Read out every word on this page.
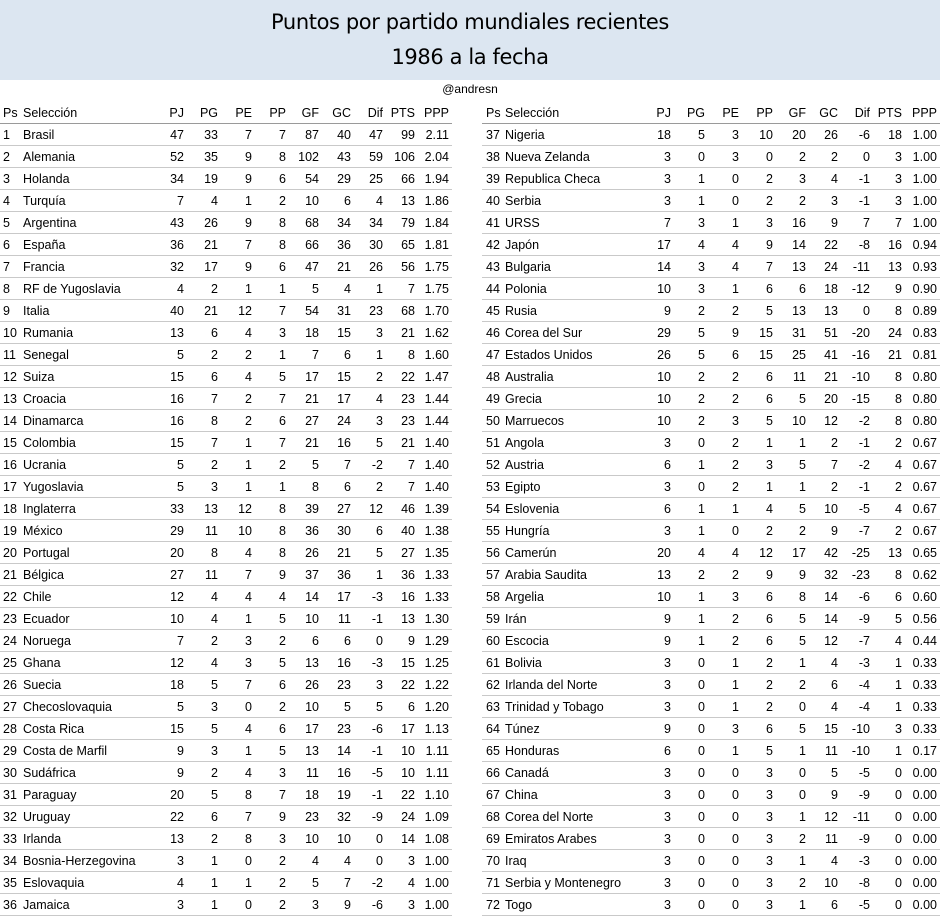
Puntos por partido mundiales recientes
1986 a la fecha
@andresn
Ps Selección	PJ	PG	PE	PP	GF	GC	Dif PTS PPP
1 Brasil	47	33	7	7	87	40	47	99 2.11
2 Alemania	52	35	9	8 102	43	59 106 2.04
3 Holanda	34	19	9	6	54	29	25	66 1.94
4 Turquía	7	4	1	2	10	6	4	13 1.86
5 Argentina	43	26	9	8	68	34	34	79 1.84
6 España	36	21	7	8	66	36	30	65 1.81
7 Francia	32	17	9	6	47	21	26	56 1.75
8 RF de Yugoslavia	4	2	1	1	5	4	1	7 1.75
9 Italia	40	21	12	7	54	31	23	68 1.70
10 Rumania	13	6	4	3	18	15	3	21 1.62
11 Senegal	5	2	2	1	7	6	1	8 1.60
12 Suiza	15	6	4	5	17	15	2	22 1.47
13 Croacia	16	7	2	7	21	17	4	23 1.44
14 Dinamarca	16	8	2	6	27	24	3	23 1.44
15 Colombia	15	7	1	7	21	16	5	21 1.40
16 Ucrania	5	2	1	2	5	7	-2	7 1.40
17 Yugoslavia	5	3	1	1	8	6	2	7 1.40
18 Inglaterra	33	13	12	8	39	27	12	46 1.39
19 México	29	11	10	8	36	30	6	40 1.38
20 Portugal	20	8	4	8	26	21	5	27 1.35
21 Bélgica	27	11	7	9	37	36	1	36 1.33
22 Chile	12	4	4	4	14	17	-3	16 1.33
23 Ecuador	10	4	1	5	10	11	-1	13 1.30
24 Noruega	7	2	3	2	6	6	0	9 1.29
25 Ghana	12	4	3	5	13	16	-3	15 1.25
26 Suecia	18	5	7	6	26	23	3	22 1.22
27 Checoslovaquia	5	3	0	2	10	5	5	6 1.20
28 Costa Rica	15	5	4	6	17	23	-6	17 1.13
29 Costa de Marfil	9	3	1	5	13	14	-1	10 1.11
30 Sudáfrica	9	2	4	3	11	16	-5	10 1.11
31 Paraguay	20	5	8	7	18	19	-1	22 1.10
32 Uruguay	22	6	7	9	23	32	-9	24 1.09
33 Irlanda	13	2	8	3	10	10	0	14 1.08
34 Bosnia-Herzegovina	3	1	0	2	4	4	0	3 1.00
35 Eslovaquia	4	1	1	2	5	7	-2	4 1.00
36 Jamaica	3	1	0	2	3	9	-6	3 1.00
Ps Selección	PJ	PG	PE	PP	GF	GC	Dif PTS PPP
37 Nigeria	18	5	3	10	20	26	-6	18 1.00
38 Nueva Zelanda	3	0	3	0	2	2	0	3 1.00
39 Republica Checa	3	1	0	2	3	4	-1	3 1.00
40 Serbia	3	1	0	2	2	3	-1	3 1.00
41 URSS	7	3	1	3	16	9	7	7 1.00
42 Japón	17	4	4	9	14	22	-8	16 0.94
43 Bulgaria	14	3	4	7	13	24	-11	13 0.93
44 Polonia	10	3	1	6	6	18	-12	9 0.90
45 Rusia	9	2	2	5	13	13	0	8 0.89
46 Corea del Sur	29	5	9	15	31	51	-20	24 0.83
47 Estados Unidos	26	5	6	15	25	41	-16	21 0.81
48 Australia	10	2	2	6	11	21	-10	8 0.80
49 Grecia	10	2	2	6	5	20	-15	8 0.80
50 Marruecos	10	2	3	5	10	12	-2	8 0.80
51 Angola	3	0	2	1	1	2	-1	2 0.67
52 Austria	6	1	2	3	5	7	-2	4 0.67
53 Egipto	3	0	2	1	1	2	-1	2 0.67
54 Eslovenia	6	1	1	4	5	10	-5	4 0.67
55 Hungría	3	1	0	2	2	9	-7	2 0.67
56 Camerún	20	4	4	12	17	42	-25	13 0.65
57 Arabia Saudita	13	2	2	9	9	32	-23	8 0.62
58 Argelia	10	1	3	6	8	14	-6	6 0.60
59 Irán	9	1	2	6	5	14	-9	5 0.56
60 Escocia	9	1	2	6	5	12	-7	4 0.44
61 Bolivia	3	0	1	2	1	4	-3	1 0.33
62 Irlanda del Norte	3	0	1	2	2	6	-4	1 0.33
63 Trinidad y Tobago	3	0	1	2	0	4	-4	1 0.33
64 Túnez	9	0	3	6	5	15	-10	3 0.33
65 Honduras	6	0	1	5	1	11	-10	1 0.17
66 Canadá	3	0	0	3	0	5	-5	0 0.00
67 China	3	0	0	3	0	9	-9	0 0.00
68 Corea del Norte	3	0	0	3	1	12	-11	0 0.00
69 Emiratos Arabes	3	0	0	3	2	11	-9	0 0.00
70 Iraq	3	0	0	3	1	4	-3	0 0.00
71 Serbia y Montenegro	3	0	0	3	2	10	-8	0 0.00
72 Togo	3	0	0	3	1	6	-5	0 0.00
